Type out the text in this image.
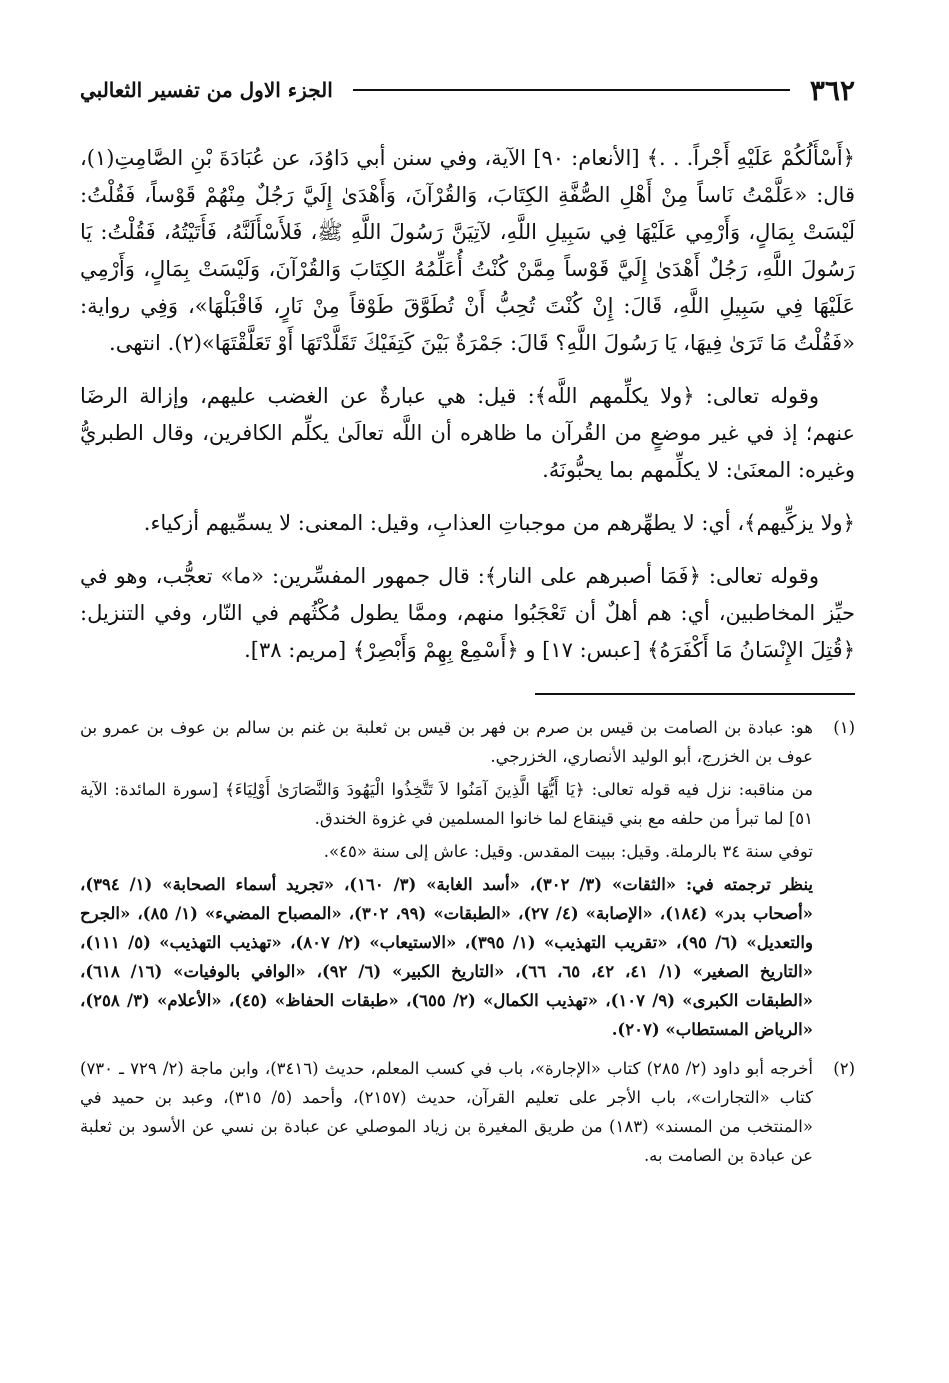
٣٦٢
الجزء الاول من تفسير الثعالبي

﴿أَسْأَلُكُمْ عَلَيْهِ أَجْراً. . .﴾ [الأنعام: ٩٠] الآية، وفي سنن أبي دَاوُدَ، عن عُبَادَةَ بْنِ الصَّامِتِ(١)، قال: «عَلَّمْتُ نَاساً مِنْ أَهْلِ الصُّفَّةِ الكِتَابَ، وَالقُرْآنَ، وَأَهْدَىٰ إِلَيَّ رَجُلٌ مِنْهُمْ قَوْساً، فَقُلْتُ: لَيْسَتْ بِمَالٍ، وَأَرْمِي عَلَيْهَا فِي سَبِيلِ اللَّهِ، لآتِيَنَّ رَسُولَ اللَّهِ ﷺ، فَلأَسْأَلَنَّهُ، فَأَتَيْتُهُ، فَقُلْتُ: يَا رَسُولَ اللَّهِ، رَجُلٌ أَهْدَىٰ إِلَيَّ قَوْساً مِمَّنْ كُنْتُ أُعَلِّمُهُ الكِتَابَ وَالقُرْآنَ، وَلَيْسَتْ بِمَالٍ، وَأَرْمِي عَلَيْهَا فِي سَبِيلِ اللَّهِ، قَالَ: إِنْ كُنْتَ تُحِبُّ أَنْ تُطَوَّقَ طَوْقاً مِنْ نَارٍ، فَاقْبَلْهَا»، وَفِي رواية: «فَقُلْتُ مَا تَرَىٰ فِيهَا، يَا رَسُولَ اللَّهِ؟ قَالَ: جَمْرَةٌ بَيْنَ كَتِفَيْكَ تَقَلَّدْتَهَا أَوْ تَعَلَّقْتَهَا»(٢). انتهى.

وقوله تعالى: ﴿ولا يكلِّمهم اللَّه﴾: قيل: هي عبارةٌ عن الغضب عليهم، وإزالة الرضَا عنهم؛ إذ في غير موضعٍ من القُرآن ما ظاهره أن اللَّه تعالَىٰ يكلِّم الكافرين، وقال الطبريُّ وغيره: المعنَىٰ: لا يكلِّمهم بما يحبُّونَهُ.

﴿ولا يزكِّيهم﴾، أي: لا يطهِّرهم من موجباتِ العذابِ، وقيل: المعنى: لا يسمِّيهم أزكياء.

وقوله تعالى: ﴿فَمَا أصبرهم على النار﴾: قال جمهور المفسِّرين: «ما» تعجُّب، وهو في حيِّز المخاطبين، أي: هم أهلٌ أن تَعْجَبُوا منهم، وممَّا يطول مُكْثُهم في النّار، وفي التنزيل: ﴿قُتِلَ الإِنْسَانُ مَا أَكْفَرَهُ﴾ [عبس: ١٧] و ﴿أَسْمِعْ بِهِمْ وَأَبْصِرْ﴾ [مريم: ٣٨].

(١)

هو: عبادة بن الصامت بن قيس بن صرم بن فهر بن قيس بن ثعلبة بن غنم بن سالم بن عوف بن عمرو بن عوف بن الخزرج، أبو الوليد الأنصاري، الخزرجي.

من مناقبه: نزل فيه قوله تعالى: ﴿يَا أَيُّهَا الَّذِينَ آمَنُوا لاَ تَتَّخِذُوا الْيَهُودَ وَالنَّصَارَىٰ أَوْلِيَاءَ﴾ [سورة المائدة: الآية ٥١] لما تبرأ من حلفه مع بني قينقاع لما خانوا المسلمين في غزوة الخندق.

توفي سنة ٣٤ بالرملة. وقيل: ببيت المقدس. وقيل: عاش إلى سنة «٤٥».

ينظر ترجمته في: «الثقات» (٣/ ٣٠٢)، «أسد الغابة» (٣/ ١٦٠)، «تجريد أسماء الصحابة» (١/ ٣٩٤)، «أصحاب بدر» (١٨٤)، «الإصابة» (٤/ ٢٧)، «الطبقات» (٩٩، ٣٠٢)، «المصباح المضيء» (١/ ٨٥)، «الجرح والتعديل» (٦/ ٩٥)، «تقريب التهذيب» (١/ ٣٩٥)، «الاستيعاب» (٢/ ٨٠٧)، «تهذيب التهذيب» (٥/ ١١١)، «التاريخ الصغير» (١/ ٤١، ٤٢، ٦٥، ٦٦)، «التاريخ الكبير» (٦/ ٩٢)، «الوافي بالوفيات» (١٦/ ٦١٨)، «الطبقات الكبرى» (٩/ ١٠٧)، «تهذيب الكمال» (٢/ ٦٥٥)، «طبقات الحفاظ» (٤٥)، «الأعلام» (٣/ ٢٥٨)، «الرياض المستطاب» (٢٠٧).

(٢)

أخرجه أبو داود (٢/ ٢٨٥) كتاب «الإجارة»، باب في كسب المعلم، حديث (٣٤١٦)، وابن ماجة (٢/ ٧٢٩ ـ ٧٣٠) كتاب «التجارات»، باب الأجر على تعليم القرآن، حديث (٢١٥٧)، وأحمد (٥/ ٣١٥)، وعبد بن حميد في «المنتخب من المسند» (١٨٣) من طريق المغيرة بن زياد الموصلي عن عبادة بن نسي عن الأسود بن ثعلبة عن عبادة بن الصامت به.
